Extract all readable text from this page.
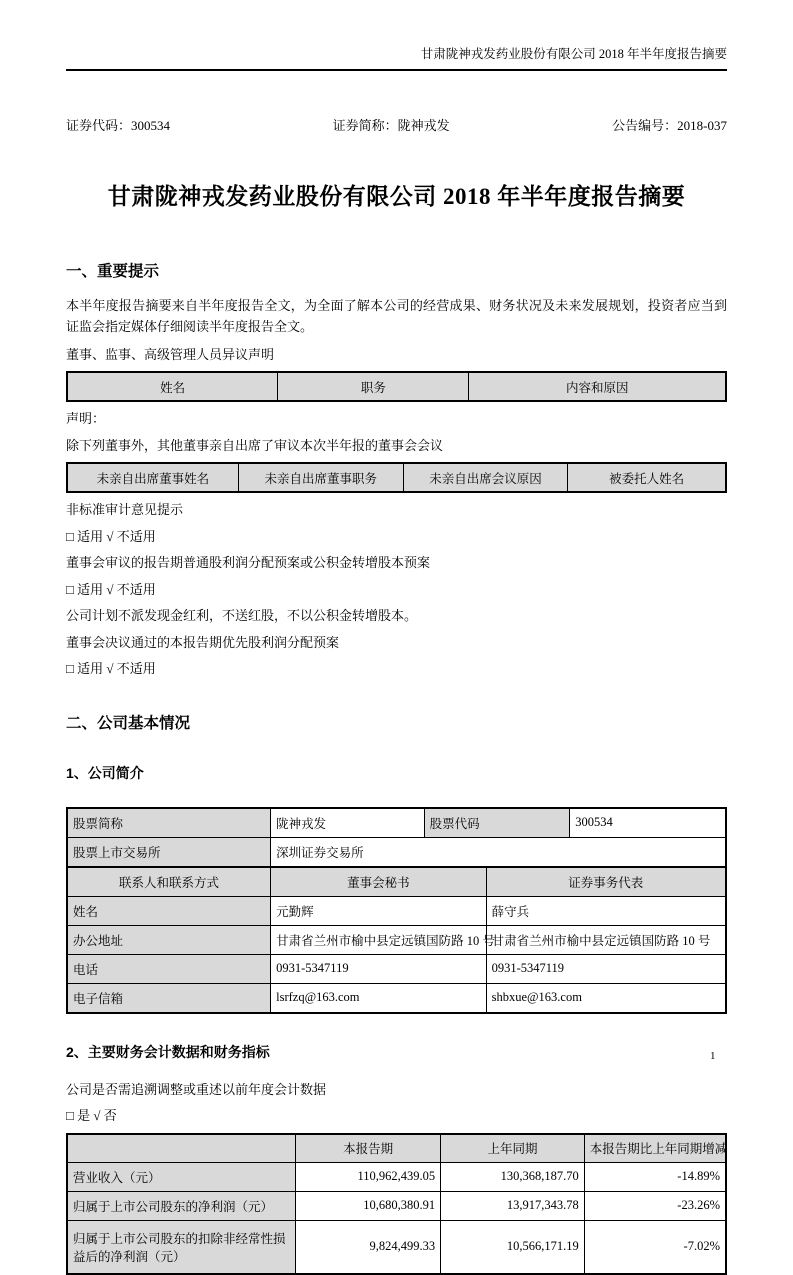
甘肃陇神戎发药业股份有限公司 2018 年半年度报告摘要
证券代码：300534	证券简称：陇神戎发	公告编号：2018-037
甘肃陇神戎发药业股份有限公司 2018 年半年度报告摘要
一、重要提示

本半年度报告摘要来自半年度报告全文，为全面了解本公司的经营成果、财务状况及未来发展规划，投资者应当到证监会指定媒体仔细阅读半年度报告全文。

董事、监事、高级管理人员异议声明

姓名	职务	内容和原因

声明：

除下列董事外，其他董事亲自出席了审议本次半年报的董事会会议

未亲自出席董事姓名	未亲自出席董事职务	未亲自出席会议原因	被委托人姓名

非标准审计意见提示

□ 适用 √ 不适用

董事会审议的报告期普通股利润分配预案或公积金转增股本预案

□ 适用 √ 不适用

公司计划不派发现金红利，不送红股，不以公积金转增股本。

董事会决议通过的本报告期优先股利润分配预案

□ 适用 √ 不适用

二、公司基本情况
1、公司简介
股票简称	陇神戎发	股票代码	300534
股票上市交易所	深圳证券交易所		
联系人和联系方式	董事会秘书	证券事务代表
姓名	元勤辉	薛守兵
办公地址	甘肃省兰州市榆中县定远镇国防路 10 号	甘肃省兰州市榆中县定远镇国防路 10 号
电话	0931-5347119	0931-5347119
电子信箱	lsrfzq@163.com	shbxue@163.com
2、主要财务会计数据和财务指标

公司是否需追溯调整或重述以前年度会计数据

□ 是 √ 否

	本报告期	上年同期	本报告期比上年同期增减
营业收入（元）	110,962,439.05	130,368,187.70	-14.89%
归属于上市公司股东的净利润（元）	10,680,380.91	13,917,343.78	-23.26%
归属于上市公司股东的扣除非经常性损益后的净利润（元）	9,824,499.33	10,566,171.19	-7.02%
1
